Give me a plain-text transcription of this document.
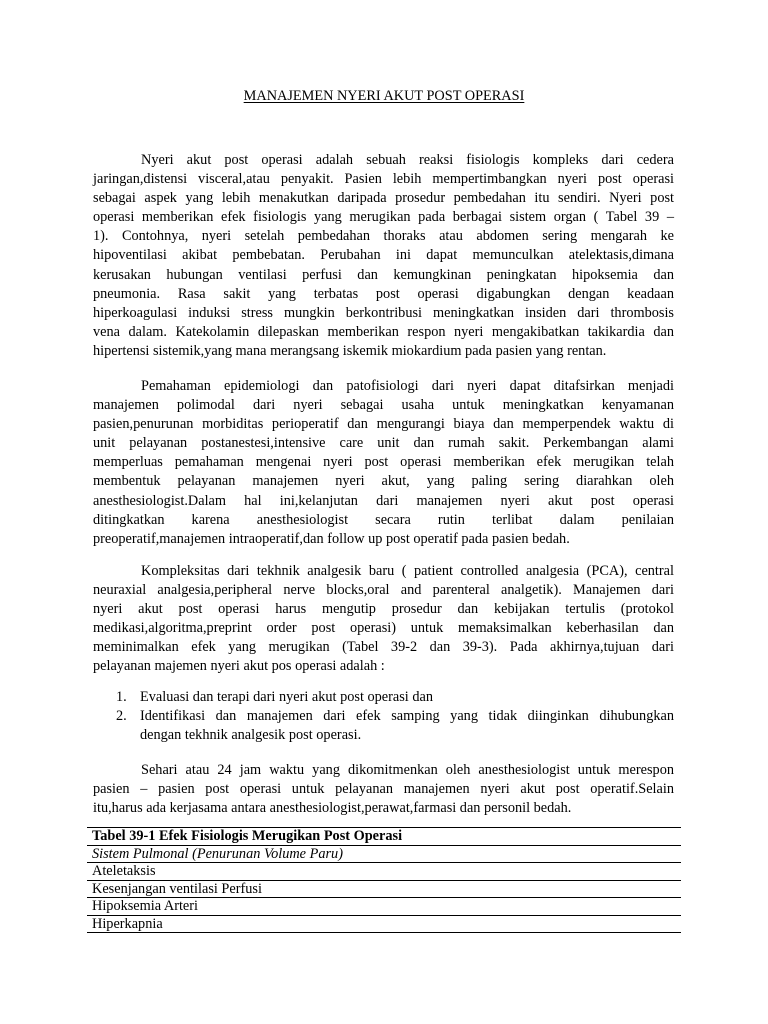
MANAJEMEN NYERI AKUT POST OPERASI

Nyeri akut post operasi adalah sebuah reaksi fisiologis kompleks dari cedera
jaringan,distensi visceral,atau penyakit. Pasien lebih mempertimbangkan nyeri post operasi
sebagai aspek yang lebih menakutkan daripada prosedur pembedahan itu sendiri. Nyeri post
operasi memberikan efek fisiologis yang merugikan pada berbagai sistem organ ( Tabel 39 –
1). Contohnya, nyeri setelah pembedahan thoraks atau abdomen sering mengarah ke
hipoventilasi akibat pembebatan. Perubahan ini dapat memunculkan atelektasis,dimana
kerusakan hubungan ventilasi perfusi dan kemungkinan peningkatan hipoksemia dan
pneumonia. Rasa sakit yang terbatas post operasi digabungkan dengan keadaan
hiperkoagulasi induksi stress mungkin berkontribusi meningkatkan insiden dari thrombosis
vena dalam. Katekolamin dilepaskan memberikan respon nyeri mengakibatkan takikardia dan
hipertensi sistemik,yang mana merangsang iskemik miokardium pada pasien yang rentan.

Pemahaman epidemiologi dan patofisiologi dari nyeri dapat ditafsirkan menjadi
manajemen polimodal dari nyeri sebagai usaha untuk meningkatkan kenyamanan
pasien,penurunan morbiditas perioperatif dan mengurangi biaya dan memperpendek waktu di
unit pelayanan postanestesi,intensive care unit dan rumah sakit. Perkembangan alami
memperluas pemahaman mengenai nyeri post operasi memberikan efek merugikan telah
membentuk pelayanan manajemen nyeri akut, yang paling sering diarahkan oleh
anesthesiologist.Dalam hal ini,kelanjutan dari manajemen nyeri akut post operasi
ditingkatkan karena anesthesiologist secara rutin terlibat dalam penilaian
preoperatif,manajemen intraoperatif,dan follow up post operatif pada pasien bedah.

Kompleksitas dari tekhnik analgesik baru ( patient controlled analgesia (PCA), central
neuraxial analgesia,peripheral nerve blocks,oral and parenteral analgetik). Manajemen dari
nyeri akut post operasi harus mengutip prosedur dan kebijakan tertulis (protokol
medikasi,algoritma,preprint order post operasi) untuk memaksimalkan keberhasilan dan
meminimalkan efek yang merugikan (Tabel 39-2 dan 39-3). Pada akhirnya,tujuan dari
pelayanan majemen nyeri akut pos operasi adalah :

1. Evaluasi dan terapi dari nyeri akut post operasi dan
2. Identifikasi dan manajemen dari efek samping yang tidak diinginkan dihubungkan
dengan tekhnik analgesik post operasi.

Sehari atau 24 jam waktu yang dikomitmenkan oleh anesthesiologist untuk merespon
pasien – pasien post operasi untuk pelayanan manajemen nyeri akut post operatif.Selain
itu,harus ada kerjasama antara anesthesiologist,perawat,farmasi dan personil bedah.

Tabel 39-1 Efek Fisiologis Merugikan Post Operasi
Sistem Pulmonal (Penurunan Volume Paru)
Ateletaksis
Kesenjangan ventilasi Perfusi
Hipoksemia Arteri
Hiperkapnia
